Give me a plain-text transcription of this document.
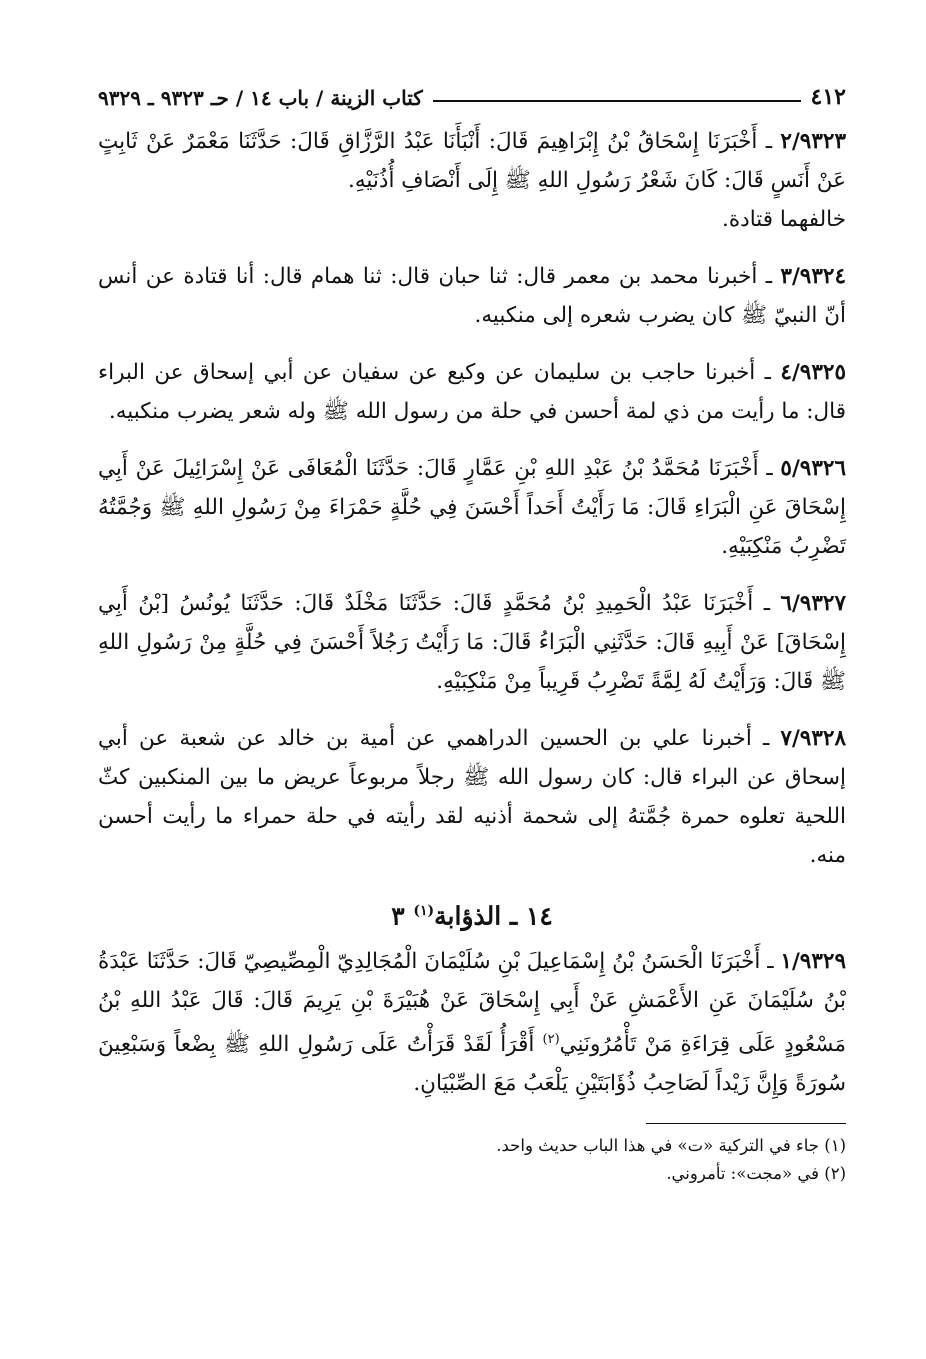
٤١٢
كتاب الزينة / باب ١٤ / حـ ٩٣٢٣ ـ ٩٣٢٩

٢/٩٣٢٣ ـ أَخْبَرَنَا إِسْحَاقُ بْنُ إِبْرَاهِيمَ قَالَ: أَنْبَأَنَا عَبْدُ الرَّزَّاقِ قَالَ: حَدَّثَنَا مَعْمَرٌ عَنْ ثَابِتٍ عَنْ أَنَسٍ قَالَ: كَانَ شَعْرُ رَسُولِ اللهِ ﷺ إِلَى أَنْصَافِ أُذُنَيْهِ.

خالفهما قتادة.

٣/٩٣٢٤ ـ أخبرنا محمد بن معمر قال: ثنا حبان قال: ثنا همام قال: أنا قتادة عن أنس أنّ النبيّ ﷺ كان يضرب شعره إلى منكبيه.

٤/٩٣٢٥ ـ أخبرنا حاجب بن سليمان عن وكيع عن سفيان عن أبي إسحاق عن البراء قال: ما رأيت من ذي لمة أحسن في حلة من رسول الله ﷺ وله شعر يضرب منكبيه.

٥/٩٣٢٦ ـ أَخْبَرَنَا مُحَمَّدُ بْنُ عَبْدِ اللهِ بْنِ عَمَّارٍ قَالَ: حَدَّثَنَا الْمُعَافَى عَنْ إِسْرَائِيلَ عَنْ أَبِي إِسْحَاقَ عَنِ الْبَرَاءِ قَالَ: مَا رَأَيْتُ أَحَداً أَحْسَنَ فِي حُلَّةٍ حَمْرَاءَ مِنْ رَسُولِ اللهِ ﷺ وَجُمَّتُهُ تَضْرِبُ مَنْكِبَيْهِ.

٦/٩٣٢٧ ـ أَخْبَرَنَا عَبْدُ الْحَمِيدِ بْنُ مُحَمَّدٍ قَالَ: حَدَّثَنَا مَخْلَدٌ قَالَ: حَدَّثَنَا يُونُسُ [بْنُ أَبِي إِسْحَاقَ] عَنْ أَبِيهِ قَالَ: حَدَّثَنِي الْبَرَاءُ قَالَ: مَا رَأَيْتُ رَجُلاً أَحْسَنَ فِي حُلَّةٍ مِنْ رَسُولِ اللهِ ﷺ قَالَ: وَرَأَيْتُ لَهُ لِمَّةً تَضْرِبُ قَرِيباً مِنْ مَنْكِبَيْهِ.

٧/٩٣٢٨ ـ أخبرنا علي بن الحسين الدراهمي عن أمية بن خالد عن شعبة عن أبي إسحاق عن البراء قال: كان رسول الله ﷺ رجلاً مربوعاً عريض ما بين المنكبين كثّ اللحية تعلوه حمرة جُمَّتهُ إلى شحمة أذنيه لقد رأيته في حلة حمراء ما رأيت أحسن منه.

١٤ ـ الذؤابة$^{(١)}$ ٣

١/٩٣٢٩ ـ أَخْبَرَنَا الْحَسَنُ بْنُ إِسْمَاعِيلَ بْنِ سُلَيْمَانَ الْمُجَالِدِيّ الْمِصِّيصِيّ قَالَ: حَدَّثَنَا عَبْدَةُ بْنُ سُلَيْمَانَ عَنِ الأَعْمَشِ عَنْ أَبِي إِسْحَاقَ عَنْ هُبَيْرَةَ بْنِ يَرِيمَ قَالَ: قَالَ عَبْدُ اللهِ بْنُ مَسْعُودٍ عَلَى قِرَاءَةِ مَنْ تَأْمُرُونَنِي$^{(٢)}$ أَقْرَأُ لَقَدْ قَرَأْتُ عَلَى رَسُولِ اللهِ ﷺ بِضْعاً وَسَبْعِينَ سُورَةً وَإِنَّ زَيْداً لَصَاحِبُ ذُؤَابَتَيْنِ يَلْعَبُ مَعَ الصِّبْيَانِ.

(١) جاء في التركية «ت» في هذا الباب حديث واحد.

(٢) في «مجت»: تأمروني.
